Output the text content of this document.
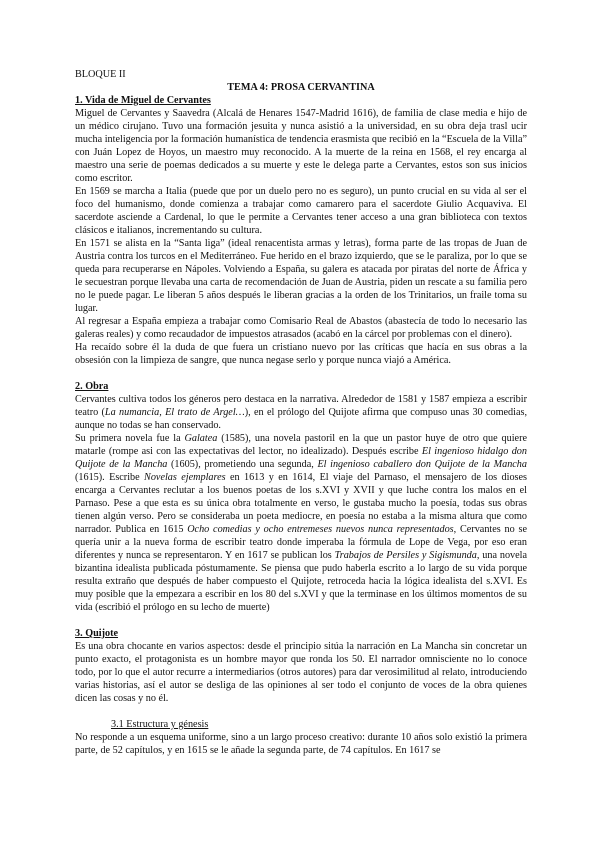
BLOQUE II

TEMA 4: PROSA CERVANTINA

1. Vida de Miguel de Cervantes

Miguel de Cervantes y Saavedra (Alcalá de Henares 1547-Madrid 1616), de familia de clase media e hijo de un médico cirujano. Tuvo una formación jesuita y nunca asistió a la universidad, en su obra deja trasl ucir mucha inteligencia por la formación humanística de tendencia erasmista que recibió en la “Escuela de la Villa” con Juán Lopez de Hoyos, un maestro muy reconocido. A la muerte de la reina en 1568, el rey encarga al maestro una serie de poemas dedicados a su muerte y este le delega parte a Cervantes, estos son sus inicios como escritor.

En 1569 se marcha a Italia (puede que por un duelo pero no es seguro), un punto crucial en su vida al ser el foco del humanismo, donde comienza a trabajar como camarero para el sacerdote Giulio Acquaviva. El sacerdote asciende a Cardenal, lo que le permite a Cervantes tener acceso a una gran biblioteca con textos clásicos e italianos, incrementando su cultura.

En 1571 se alista en la “Santa liga” (ideal renacentista armas y letras), forma parte de las tropas de Juan de Austria contra los turcos en el Mediterráneo. Fue herido en el brazo izquierdo, que se le paraliza, por lo que se queda para recuperarse en Nápoles. Volviendo a España, su galera es atacada por piratas del norte de África y le secuestran porque llevaba una carta de recomendación de Juan de Austria, piden un rescate a su familia pero no le puede pagar. Le liberan 5 años después le liberan gracias a la orden de los Trinitarios, un fraile toma su lugar.

Al regresar a España empieza a trabajar como Comisario Real de Abastos (abastecía de todo lo necesario las galeras reales) y como recaudador de impuestos atrasados (acabó en la cárcel por problemas con el dinero).

Ha recaído sobre él la duda de que fuera un cristiano nuevo por las críticas que hacía en sus obras a la obsesión con la limpieza de sangre, que nunca negase serlo y porque nunca viajó a América.

2. Obra

Cervantes cultiva todos los géneros pero destaca en la narrativa. Alrededor de 1581 y 1587 empieza a escribir teatro (La numancia, El trato de Argel…), en el prólogo del Quijote afirma que compuso unas 30 comedias, aunque no todas se han conservado.

Su primera novela fue la Galatea (1585), una novela pastoril en la que un pastor huye de otro que quiere matarle (rompe asi con las expectativas del lector, no idealizado). Después escribe El ingenioso hidalgo don Quijote de la Mancha (1605), prometiendo una segunda, El ingenioso caballero don Quijote de la Mancha (1615). Escribe Novelas ejemplares en 1613 y en 1614, El viaje del Parnaso, el mensajero de los dioses encarga a Cervantes reclutar a los buenos poetas de los s.XVI y XVII y que luche contra los malos en el Parnaso. Pese a que esta es su única obra totalmente en verso, le gustaba mucho la poesía, todas sus obras tienen algún verso. Pero se consideraba un poeta mediocre, en poesía no estaba a la misma altura que como narrador. Publica en 1615 Ocho comedias y ocho entremeses nuevos nunca representados, Cervantes no se quería unir a la nueva forma de escribir teatro donde imperaba la fórmula de Lope de Vega, por eso eran diferentes y nunca se representaron. Y en 1617 se publican los Trabajos de Persiles y Sigismunda, una novela bizantina idealista publicada póstumamente. Se piensa que pudo haberla escrito a lo largo de su vida porque resulta extraño que después de haber compuesto el Quijote, retroceda hacia la lógica idealista del s.XVI. Es muy posible que la empezara a escribir en los 80 del s.XVI y que la terminase en los últimos momentos de su vida (escribió el prólogo en su lecho de muerte)

3. Quijote

Es una obra chocante en varios aspectos: desde el principio sitúa la narración en La Mancha sin concretar un punto exacto, el protagonista es un hombre mayor que ronda los 50. El narrador omnisciente no lo conoce todo, por lo que el autor recurre a intermediarios (otros autores) para dar verosimilitud al relato, introduciendo varias historias, así el autor se desliga de las opiniones al ser todo el conjunto de voces de la obra quienes dicen las cosas y no él.

3.1 Estructura y génesis

No responde a un esquema uniforme, sino a un largo proceso creativo: durante 10 años solo existió la primera parte, de 52 capítulos, y en 1615 se le añade la segunda parte, de 74 capítulos. En 1617 se
